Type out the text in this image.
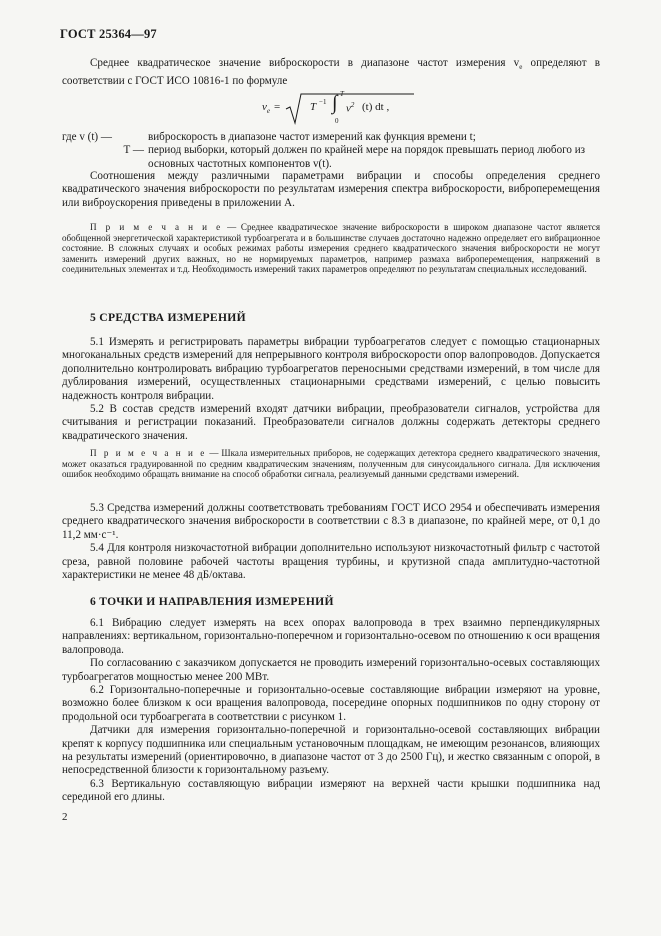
ГОСТ 25364—97

Среднее квадратическое значение виброскорости в диапазоне частот измерения $v_e$ определяют в соответствии с ГОСТ ИСО 10816-1 по формуле

$v_e$ =	T −1 ∫ T
0
$v^2$ (t) dt ,
где v (t) —	виброскорость в диапазоне частот измерений как функция времени t;
T — период выборки, который должен по крайней мере на порядок превышать период любого из основных частотных компонентов v(t).

Соотношения между различными параметрами вибрации и способы определения среднего квадратического значения виброскорости по результатам измерения спектра виброскорости, виброперемещения или виброускорения приведены в приложении А.

П р и м е ч а н и е — Среднее квадратическое значение виброскорости в широком диапазоне частот является обобщенной энергетической характеристикой турбоагрегата и в большинстве случаев достаточно надежно определяет его вибрационное состояние. В сложных случаях и особых режимах работы измерения среднего квадратического значения виброскорости не могут заменить измерений других важных, но не нормируемых параметров, например размаха виброперемещения, напряжений в соединительных элементах и т.д. Необходимость измерений таких параметров определяют по результатам специальных исследований.

5 СРЕДСТВА ИЗМЕРЕНИЙ

5.1 Измерять и регистрировать параметры вибрации турбоагрегатов следует с помощью стационарных многоканальных средств измерений для непрерывного контроля виброскорости опор валопроводов. Допускается дополнительно контролировать вибрацию турбоагрегатов переносными средствами измерений, в том числе для дублирования измерений, осуществленных стационарными средствами измерений, с целью повысить надежность контроля вибрации.

5.2 В состав средств измерений входят датчики вибрации, преобразователи сигналов, устройства для считывания и регистрации показаний. Преобразователи сигналов должны содержать детекторы среднего квадратического значения.

П р и м е ч а н и е — Шкала измерительных приборов, не содержащих детектора среднего квадратического значения, может оказаться градуированной по средним квадратическим значениям, полученным для синусоидального сигнала. Для исключения ошибок необходимо обращать внимание на способ обработки сигнала, реализуемый данными средствами измерений.

5.3 Средства измерений должны соответствовать требованиям ГОСТ ИСО 2954 и обеспечивать измерения среднего квадратического значения виброскорости в соответствии с 8.3 в диапазоне, по крайней мере, от 0,1 до 11,2 мм·с⁻¹.

5.4 Для контроля низкочастотной вибрации дополнительно используют низкочастотный фильтр с частотой среза, равной половине рабочей частоты вращения турбины, и крутизной спада амплитудно-частотной характеристики не менее 48 дБ/октава.

6 ТОЧКИ И НАПРАВЛЕНИЯ ИЗМЕРЕНИЙ

6.1 Вибрацию следует измерять на всех опорах валопровода в трех взаимно перпендикулярных направлениях: вертикальном, горизонтально-поперечном и горизонтально-осевом по отношению к оси вращения валопровода.

По согласованию с заказчиком допускается не проводить измерений горизонтально-осевых составляющих турбоагрегатов мощностью менее 200 МВт.

6.2 Горизонтально-поперечные и горизонтально-осевые составляющие вибрации измеряют на уровне, возможно более близком к оси вращения валопровода, посередине опорных подшипников по одну сторону от продольной оси турбоагрегата в соответствии с рисунком 1.

Датчики для измерения горизонтально-поперечной и горизонтально-осевой составляющих вибрации крепят к корпусу подшипника или специальным установочным площадкам, не имеющим резонансов, влияющих на результаты измерений (ориентировочно, в диапазоне частот от 3 до 2500 Гц), и жестко связанным с опорой, в непосредственной близости к горизонтальному разъему.

6.3 Вертикальную составляющую вибрации измеряют на верхней части крышки подшипника над серединой его длины.

2
